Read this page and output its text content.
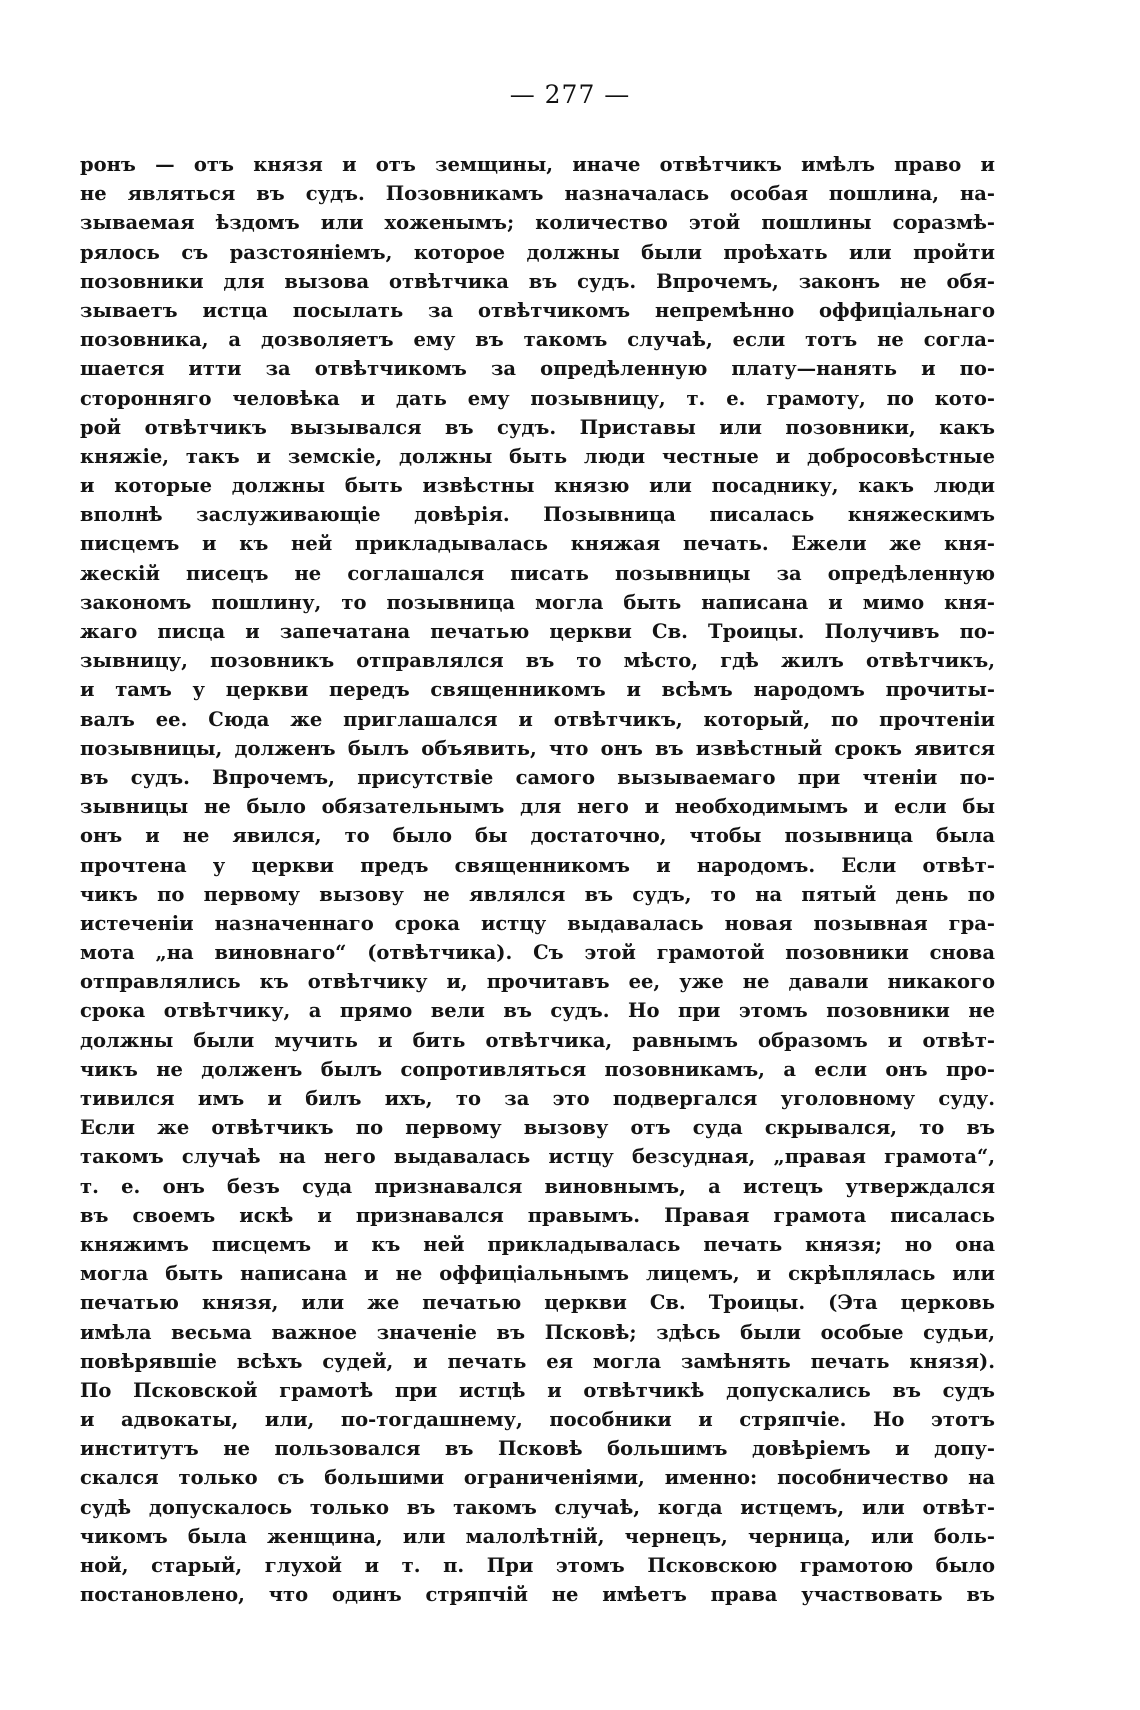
— 277 —
ронъ — отъ князя и отъ земщины, иначе отвѣтчикъ имѣлъ право и
не являться въ судъ. Позовникамъ назначалась особая пошлина, на-
зываемая ѣздомъ или хоженымъ; количество этой пошлины соразмѣ-
рялось съ разстояніемъ, которое должны были проѣхать или пройти
позовники для вызова отвѣтчика въ судъ. Впрочемъ, законъ не обя-
зываетъ истца посылать за отвѣтчикомъ непремѣнно оффиціальнаго
позовника, а дозволяетъ ему въ такомъ случаѣ, если тотъ не согла-
шается итти за отвѣтчикомъ за опредѣленную плату—нанять и по-
сторонняго человѣка и дать ему позывницу, т. е. грамоту, по кото-
рой отвѣтчикъ вызывался въ судъ. Приставы или позовники, какъ
княжіе, такъ и земскіе, должны быть люди честные и добросовѣстные
и которые должны быть извѣстны князю или посаднику, какъ люди
вполнѣ заслуживающіе довѣрія. Позывница писалась княжескимъ
писцемъ и къ ней прикладывалась княжая печать. Ежели же кня-
жескій писецъ не соглашался писать позывницы за опредѣленную
закономъ пошлину, то позывница могла быть написана и мимо кня-
жаго писца и запечатана печатью церкви Св. Троицы. Получивъ по-
зывницу, позовникъ отправлялся въ то мѣсто, гдѣ жилъ отвѣтчикъ,
и тамъ у церкви передъ священникомъ и всѣмъ народомъ прочиты-
валъ ее. Сюда же приглашался и отвѣтчикъ, который, по прочтеніи
позывницы, долженъ былъ объявить, что онъ въ извѣстный срокъ явится
въ судъ. Впрочемъ, присутствіе самого вызываемаго при чтеніи по-
зывницы не было обязательнымъ для него и необходимымъ и если бы
онъ и не явился, то было бы достаточно, чтобы позывница была
прочтена у церкви предъ священникомъ и народомъ. Если отвѣт-
чикъ по первому вызову не являлся въ судъ, то на пятый день по
истеченіи назначеннаго срока истцу выдавалась новая позывная гра-
мота „на виновнаго“ (отвѣтчика). Съ этой грамотой позовники снова
отправлялись къ отвѣтчику и, прочитавъ ее, уже не давали никакого
срока отвѣтчику, а прямо вели въ судъ. Но при этомъ позовники не
должны были мучить и бить отвѣтчика, равнымъ образомъ и отвѣт-
чикъ не долженъ былъ сопротивляться позовникамъ, а если онъ про-
тивился имъ и билъ ихъ, то за это подвергался уголовному суду.
Если же отвѣтчикъ по первому вызову отъ суда скрывался, то въ
такомъ случаѣ на него выдавалась истцу безсудная, „правая грамота“,
т. е. онъ безъ суда признавался виновнымъ, а истецъ утверждался
въ своемъ искѣ и признавался правымъ. Правая грамота писалась
княжимъ писцемъ и къ ней прикладывалась печать князя; но она
могла быть написана и не оффиціальнымъ лицемъ, и скрѣплялась или
печатью князя, или же печатью церкви Св. Троицы. (Эта церковь
имѣла весьма важное значеніе въ Псковѣ; здѣсь были особые судьи,
повѣрявшіе всѣхъ судей, и печать ея могла замѣнять печать князя).
По Псковской грамотѣ при истцѣ и отвѣтчикѣ допускались въ судъ
и адвокаты, или, по-тогдашнему, пособники и стряпчіе. Но этотъ
институтъ не пользовался въ Псковѣ большимъ довѣріемъ и допу-
скался только съ большими ограниченіями, именно: пособничество на
судѣ допускалось только въ такомъ случаѣ, когда истцемъ, или отвѣт-
чикомъ была женщина, или малолѣтній, чернецъ, черница, или боль-
ной, старый, глухой и т. п. При этомъ Псковскою грамотою было
постановлено, что одинъ стряпчій не имѣетъ права участвовать въ
